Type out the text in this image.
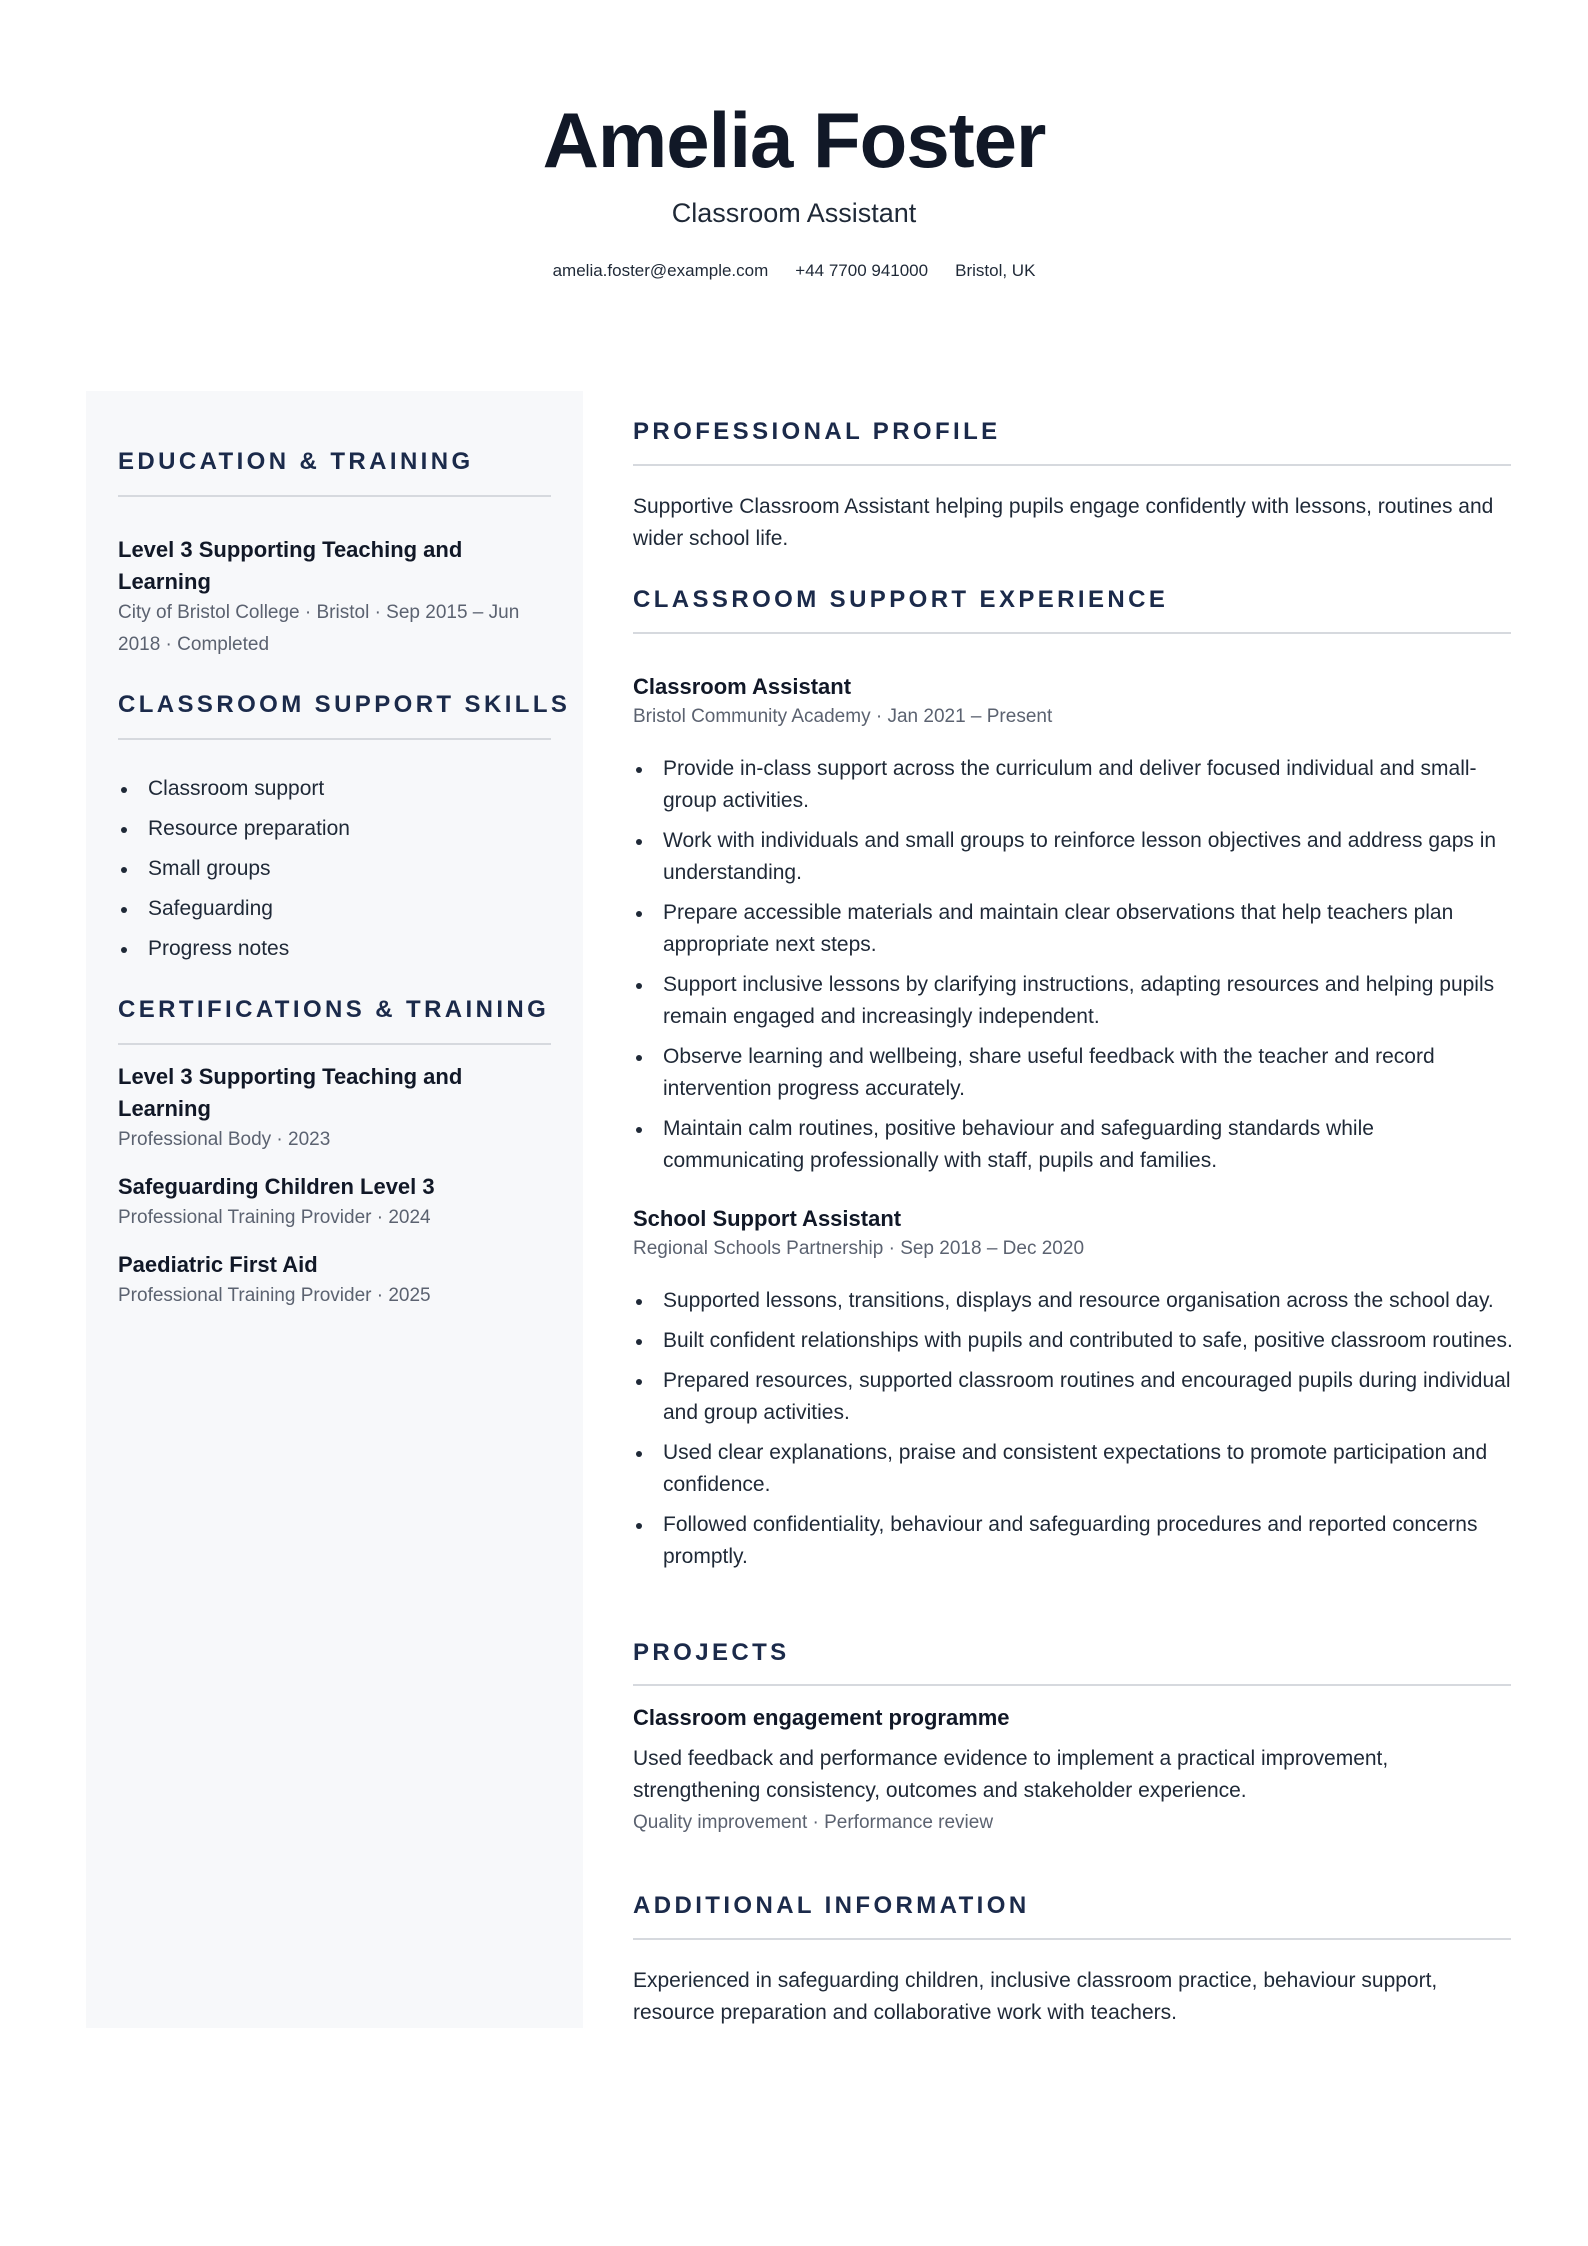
Amelia Foster
Classroom Assistant
amelia.foster@example.com +44 7700 941000 Bristol, UK
EDUCATION & TRAINING
Level 3 Supporting Teaching and Learning
City of Bristol College · Bristol · Sep 2015 – Jun 2018 · Completed
CLASSROOM SUPPORT SKILLS
Classroom support
Resource preparation
Small groups
Safeguarding
Progress notes
CERTIFICATIONS & TRAINING
Level 3 Supporting Teaching and Learning
Professional Body · 2023
Safeguarding Children Level 3
Professional Training Provider · 2024
Paediatric First Aid
Professional Training Provider · 2025
PROFESSIONAL PROFILE
Supportive Classroom Assistant helping pupils engage confidently with lessons, routines and wider school life.
CLASSROOM SUPPORT EXPERIENCE
Classroom Assistant
Bristol Community Academy · Jan 2021 – Present
Provide in-class support across the curriculum and deliver focused individual and small-group activities.
Work with individuals and small groups to reinforce lesson objectives and address gaps in understanding.
Prepare accessible materials and maintain clear observations that help teachers plan appropriate next steps.
Support inclusive lessons by clarifying instructions, adapting resources and helping pupils remain engaged and increasingly independent.
Observe learning and wellbeing, share useful feedback with the teacher and record intervention progress accurately.
Maintain calm routines, positive behaviour and safeguarding standards while communicating professionally with staff, pupils and families.
School Support Assistant
Regional Schools Partnership · Sep 2018 – Dec 2020
Supported lessons, transitions, displays and resource organisation across the school day.
Built confident relationships with pupils and contributed to safe, positive classroom routines.
Prepared resources, supported classroom routines and encouraged pupils during individual and group activities.
Used clear explanations, praise and consistent expectations to promote participation and confidence.
Followed confidentiality, behaviour and safeguarding procedures and reported concerns promptly.
PROJECTS
Classroom engagement programme
Used feedback and performance evidence to implement a practical improvement, strengthening consistency, outcomes and stakeholder experience.
Quality improvement · Performance review
ADDITIONAL INFORMATION
Experienced in safeguarding children, inclusive classroom practice, behaviour support, resource preparation and collaborative work with teachers.
